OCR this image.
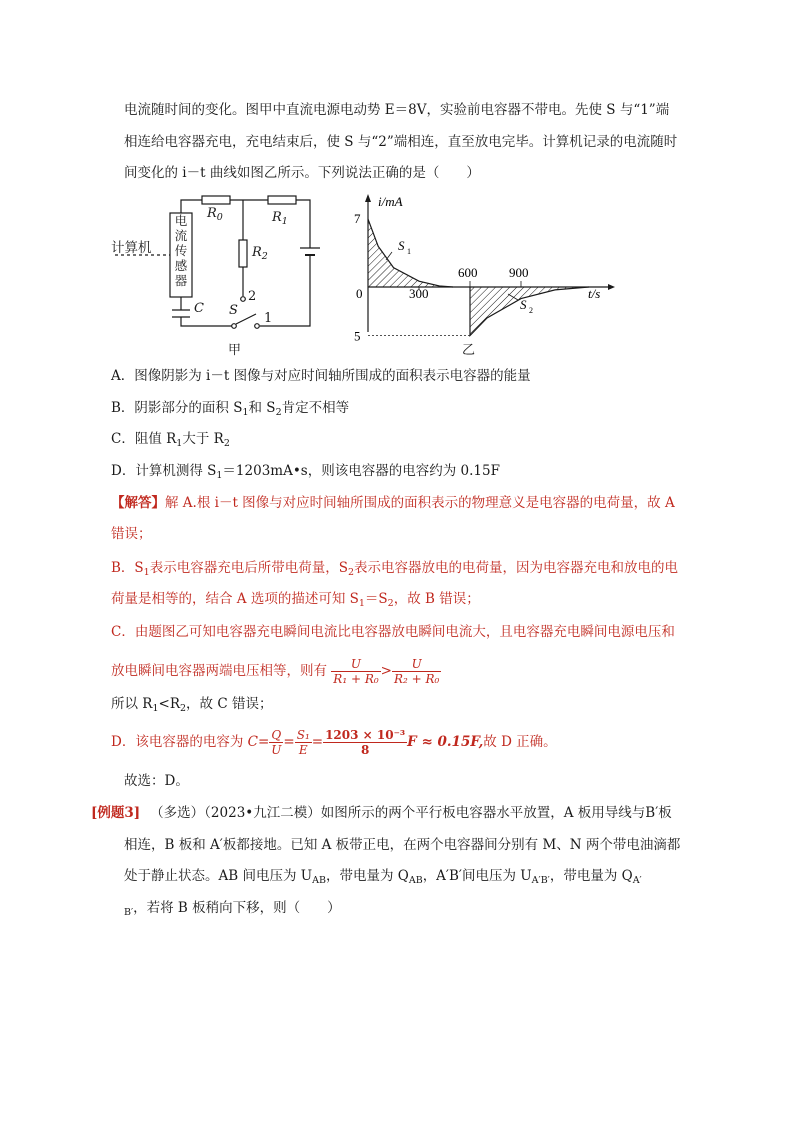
电流随时间的变化。图甲中直流电源电动势 E＝8V，实验前电容器不带电。先使 S 与“1”端
相连给电容器充电，充电结束后，使 S 与“2”端相连，直至放电完毕。计算机记录的电流随时
间变化的 i－t 曲线如图乙所示。下列说法正确的是（　　）
计算机
电
流
传
感
器
$R_0$	$R_1$
$R_2$
C S
2
1
甲
i/mA
t/s
7
5
0	300
600 900
S 1
S 2
乙
A．图像阴影为 i－t 图像与对应时间轴所围成的面积表示电容器的能量
B．阴影部分的面积 $S_1$和 $S_2$肯定不相等
C．阻值 $R_1$大于 $R_2$
D．计算机测得 $S_1=1203mA•s$，则该电容器的电容约为 0.15F
【解答】解 A.根 i－t 图像与对应时间轴所围成的面积表示的物理意义是电容器的电荷量，故 A
错误；
B．$S_1$表示电容器充电后所带电荷量，$S_2$表示电容器放电的电荷量，因为电容器充电和放电的电
荷量是相等的，结合 A 选项的描述可知 $S_1=S_2$，故 B 错误；
C．由题图乙可知电容器充电瞬间电流比电容器放电瞬间电流大，且电容器充电瞬间电源电压和
放电瞬间电容器两端电压相等，则有 $\frac{U}{\text{R₁ + R₀}} > \frac{U}{\text{R₂ + R₀}}$
所以 $R_1<R_2$，故 C 错误；
D．该电容器的电容为 $C= \frac{Q}{U} = \frac{\text{S₁}}{E} = \frac{\text{1203 × 10⁻³}}{8}$ F ≈ 0.15F,故 D 正确。
故选：D。
[例题3] （多选）（2023•九江二模）如图所示的两个平行板电容器水平放置，A 板用导线与B′板
相连，B 板和 A′板都接地。已知 A 板带正电，在两个电容器间分别有 M、N 两个带电油滴都
处于静止状态。AB 间电压为 $U_{AB}$，带电量为 $Q_{AB}$，A′B′间电压为 $U_{A'B'}$，带电量为 $Q_{A'}$
$_{B'}$，若将 B 板稍向下移，则（　　）
